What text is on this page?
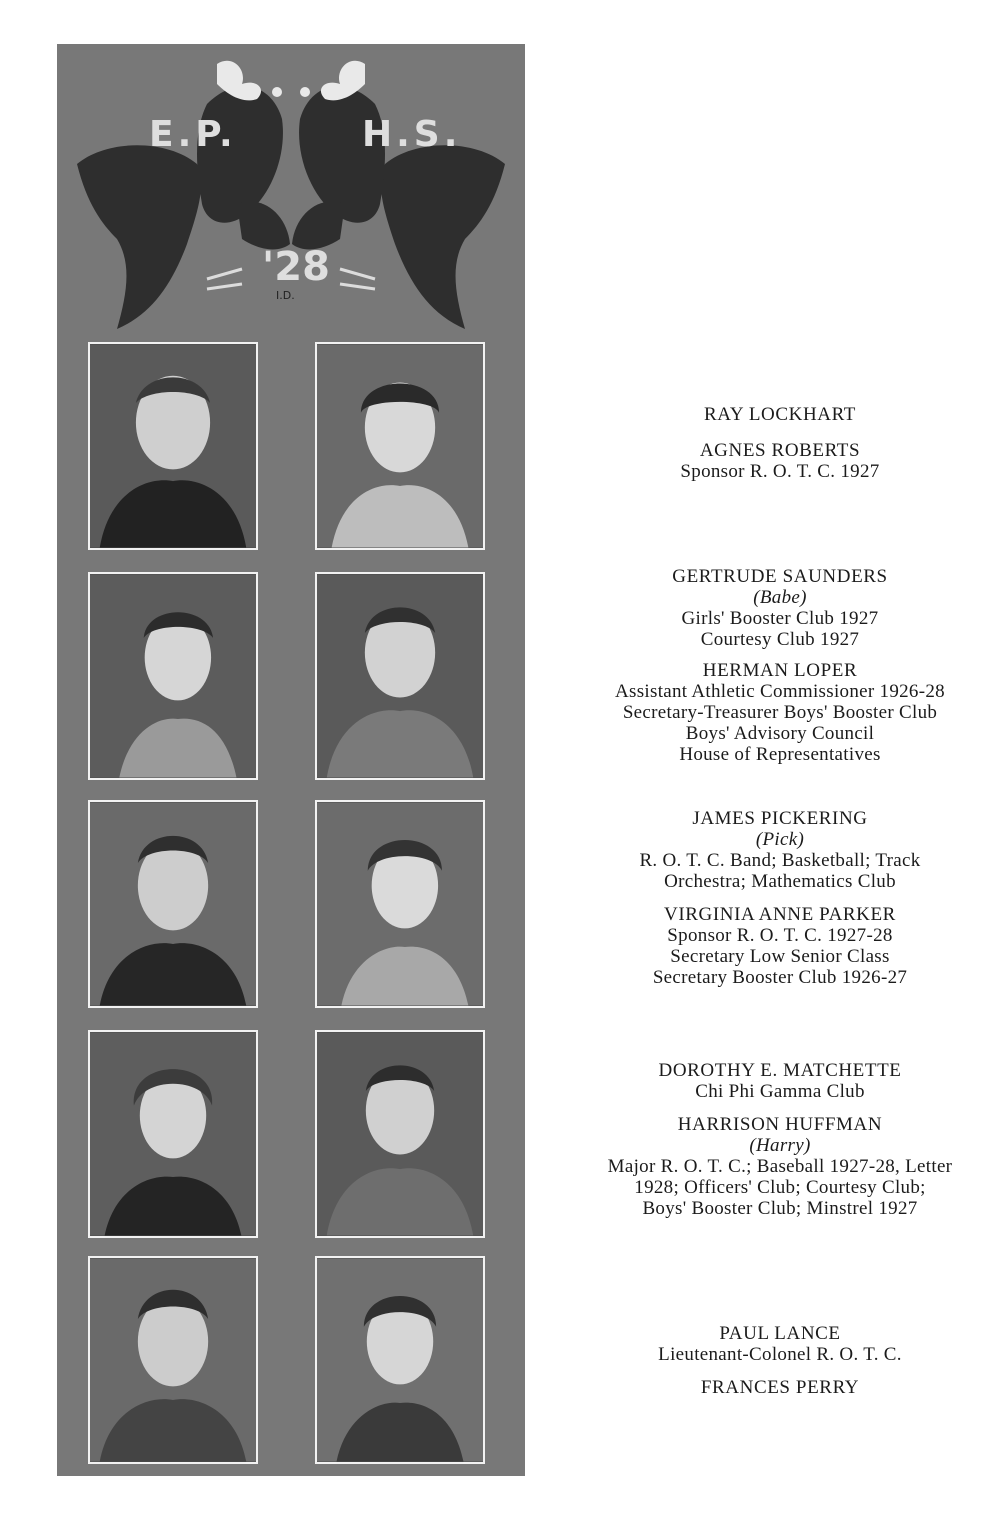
E.P.	H.S.
'28
I.D.
RAY LOCKHART
AGNES ROBERTS
Sponsor R. O. T. C. 1927
GERTRUDE SAUNDERS
(Babe)
Girls' Booster Club 1927
Courtesy Club 1927
HERMAN LOPER
Assistant Athletic Commissioner 1926-28
Secretary-Treasurer Boys' Booster Club
Boys' Advisory Council
House of Representatives
JAMES PICKERING
(Pick)
R. O. T. C. Band; Basketball; Track
Orchestra; Mathematics Club
VIRGINIA ANNE PARKER
Sponsor R. O. T. C. 1927-28
Secretary Low Senior Class
Secretary Booster Club 1926-27
DOROTHY E. MATCHETTE
Chi Phi Gamma Club
HARRISON HUFFMAN
(Harry)
Major R. O. T. C.; Baseball 1927-28, Letter
1928; Officers' Club; Courtesy Club;
Boys' Booster Club; Minstrel 1927
PAUL LANCE
Lieutenant-Colonel R. O. T. C.
FRANCES PERRY
